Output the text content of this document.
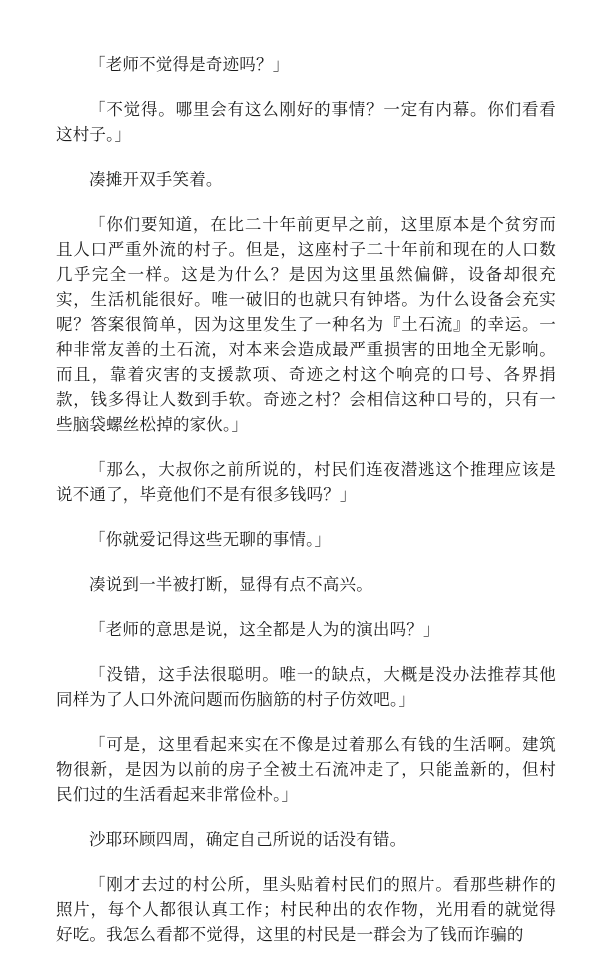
「老师不觉得是奇迹吗？」

「不觉得。哪里会有这么刚好的事情？一定有内幕。你们看看这村子。」

凑摊开双手笑着。

「你们要知道，在比二十年前更早之前，这里原本是个贫穷而且人口严重外流的村子。但是，这座村子二十年前和现在的人口数几乎完全一样。这是为什么？是因为这里虽然偏僻，设备却很充实，生活机能很好。唯一破旧的也就只有钟塔。为什么设备会充实呢？答案很简单，因为这里发生了一种名为『土石流』的幸运。一种非常友善的土石流，对本来会造成最严重损害的田地全无影响。而且，靠着灾害的支援款项、奇迹之村这个响亮的口号、各界捐款，钱多得让人数到手软。奇迹之村？会相信这种口号的，只有一些脑袋螺丝松掉的家伙。」

「那么，大叔你之前所说的，村民们连夜潜逃这个推理应该是说不通了，毕竟他们不是有很多钱吗？」

「你就爱记得这些无聊的事情。」

凑说到一半被打断，显得有点不高兴。

「老师的意思是说，这全都是人为的演出吗？」

「没错，这手法很聪明。唯一的缺点，大概是没办法推荐其他同样为了人口外流问题而伤脑筋的村子仿效吧。」

「可是，这里看起来实在不像是过着那么有钱的生活啊。建筑物很新，是因为以前的房子全被土石流冲走了，只能盖新的，但村民们过的生活看起来非常俭朴。」

沙耶环顾四周，确定自己所说的话没有错。

「刚才去过的村公所，里头贴着村民们的照片。看那些耕作的照片，每个人都很认真工作；村民种出的农作物，光用看的就觉得好吃。我怎么看都不觉得，这里的村民是一群会为了钱而诈骗的
